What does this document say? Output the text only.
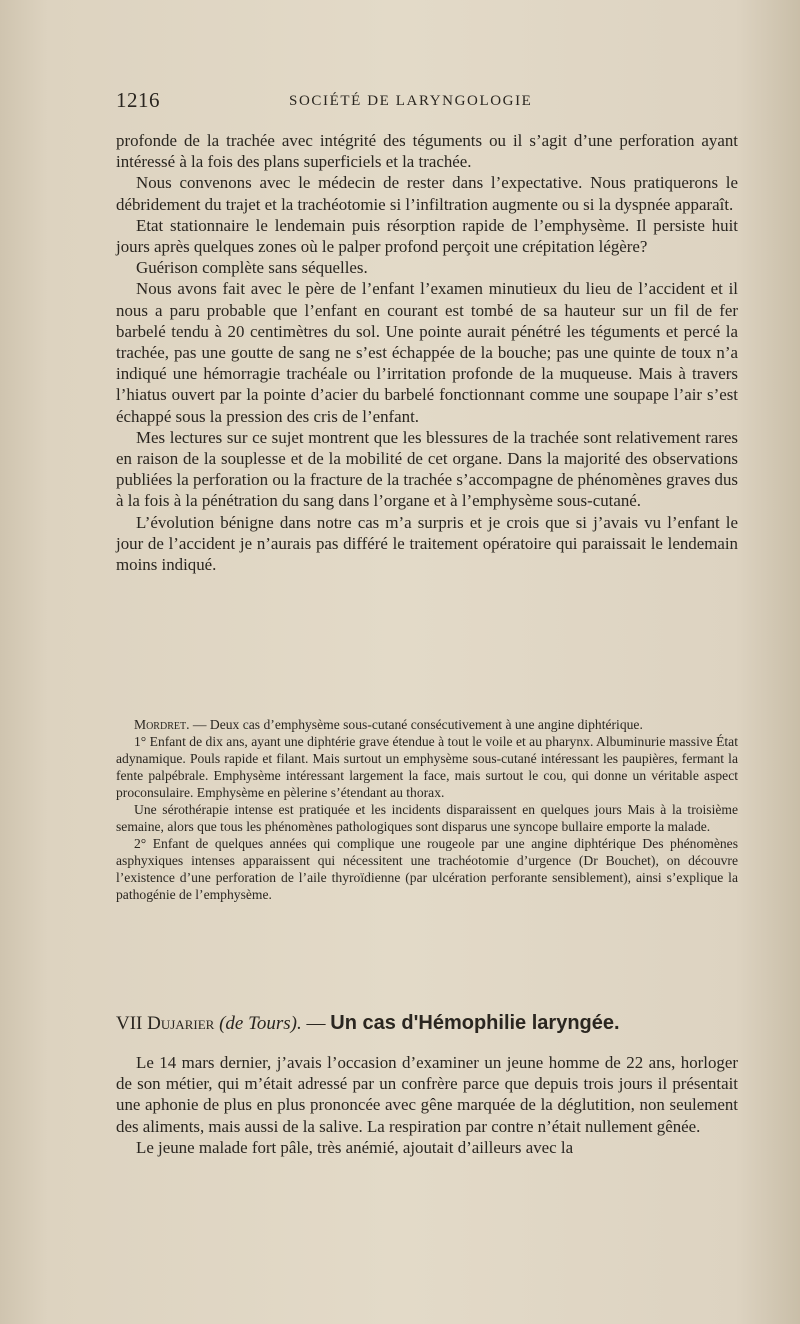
1216	SOCIÉTÉ DE LARYNGOLOGIE

profonde de la trachée avec intégrité des téguments ou il s’agit d’une perforation ayant intéressé à la fois des plans superficiels et la trachée.

Nous convenons avec le médecin de rester dans l’expectative. Nous pratiquerons le débridement du trajet et la trachéotomie si l’infiltration augmente ou si la dyspnée apparaît.

Etat stationnaire le lendemain puis résorption rapide de l’emphysème. Il persiste huit jours après quelques zones où le palper profond perçoit une crépitation légère?

Guérison complète sans séquelles.

Nous avons fait avec le père de l’enfant l’examen minutieux du lieu de l’accident et il nous a paru probable que l’enfant en courant est tombé de sa hauteur sur un fil de fer barbelé tendu à 20 centimètres du sol. Une pointe aurait pénétré les téguments et percé la trachée, pas une goutte de sang ne s’est échappée de la bouche; pas une quinte de toux n’a indiqué une hémorragie trachéale ou l’irritation profonde de la muqueuse. Mais à travers l’hiatus ouvert par la pointe d’acier du barbelé fonctionnant comme une soupape l’air s’est échappé sous la pression des cris de l’enfant.

Mes lectures sur ce sujet montrent que les blessures de la trachée sont relativement rares en raison de la souplesse et de la mobilité de cet organe. Dans la majorité des observations publiées la perforation ou la fracture de la trachée s’accompagne de phénomènes graves dus à la fois à la pénétration du sang dans l’organe et à l’emphysème sous-cutané.

L’évolution bénigne dans notre cas m’a surpris et je crois que si j’avais vu l’enfant le jour de l’accident je n’aurais pas différé le traitement opératoire qui paraissait le lendemain moins indiqué.

Mordret. — Deux cas d’emphysème sous-cutané consécutivement à une angine diphtérique.

1° Enfant de dix ans, ayant une diphtérie grave étendue à tout le voile et au pharynx. Albuminurie massive État adynamique. Pouls rapide et filant. Mais surtout un emphysème sous-cutané intéressant les paupières, fermant la fente palpébrale. Emphysème intéressant largement la face, mais surtout le cou, qui donne un véritable aspect proconsulaire. Emphysème en pèlerine s’étendant au thorax.

Une sérothérapie intense est pratiquée et les incidents disparaissent en quelques jours Mais à la troisième semaine, alors que tous les phénomènes pathologiques sont disparus une syncope bullaire emporte la malade.

2° Enfant de quelques années qui complique une rougeole par une angine diphtérique Des phénomènes asphyxiques intenses apparaissent qui nécessitent une trachéotomie d’urgence (Dr Bouchet), on découvre l’existence d’une perforation de l’aile thyroïdienne (par ulcération perforante sensiblement), ainsi s’explique la pathogénie de l’emphysème.

VII Dujarier (de Tours). — Un cas d'Hémophilie laryngée.

Le 14 mars dernier, j’avais l’occasion d’examiner un jeune homme de 22 ans, horloger de son métier, qui m’était adressé par un confrère parce que depuis trois jours il présentait une aphonie de plus en plus prononcée avec gêne marquée de la déglutition, non seulement des aliments, mais aussi de la salive. La respiration par contre n’était nullement gênée.

Le jeune malade fort pâle, très anémié, ajoutait d’ailleurs avec la
